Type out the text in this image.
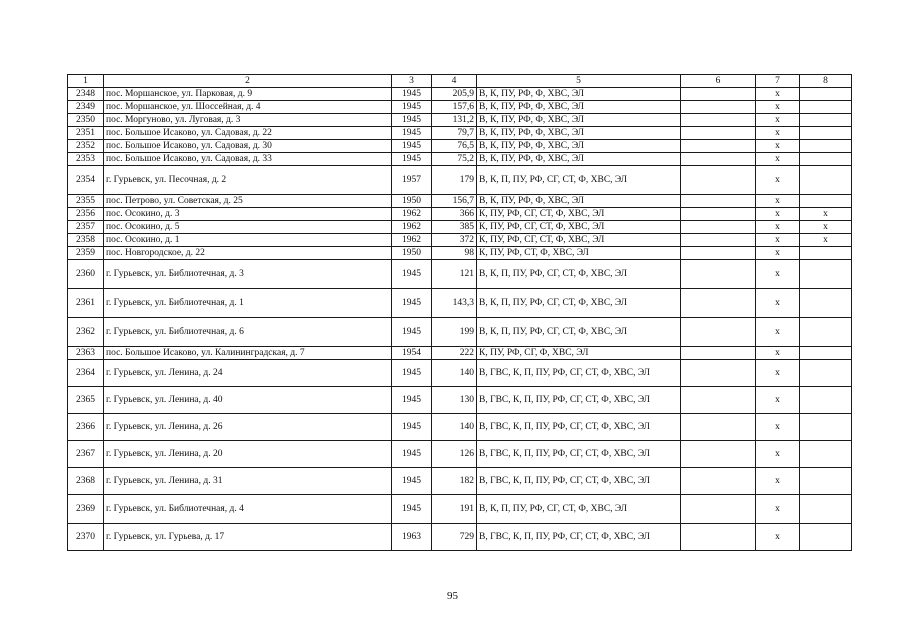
1	2	3	4	5	6	7	8
2348	пос. Моршанское, ул. Парковая, д. 9	1945	205,9	В, К, ПУ, РФ, Ф, ХВС, ЭЛ		х	
2349	пос. Моршанское, ул. Шоссейная, д. 4	1945	157,6	В, К, ПУ, РФ, Ф, ХВС, ЭЛ		х	
2350	пос. Моргуново, ул. Луговая, д. 3	1945	131,2	В, К, ПУ, РФ, Ф, ХВС, ЭЛ		х	
2351	пос. Большое Исаково, ул. Садовая, д. 22	1945	79,7	В, К, ПУ, РФ, Ф, ХВС, ЭЛ		х	
2352	пос. Большое Исаково, ул. Садовая, д. 30	1945	76,5	В, К, ПУ, РФ, Ф, ХВС, ЭЛ		х	
2353	пос. Большое Исаково, ул. Садовая, д. 33	1945	75,2	В, К, ПУ, РФ, Ф, ХВС, ЭЛ		х	
2354	г. Гурьевск, ул. Песочная, д. 2	1957	179	В, К, П, ПУ, РФ, СГ, СТ, Ф, ХВС, ЭЛ		х	
2355	пос. Петрово, ул. Советская, д. 25	1950	156,7	В, К, ПУ, РФ, Ф, ХВС, ЭЛ		х	
2356	пос. Осокино, д. 3	1962	366	К, ПУ, РФ, СГ, СТ, Ф, ХВС, ЭЛ		х	х
2357	пос. Осокино, д. 5	1962	385	К, ПУ, РФ, СГ, СТ, Ф, ХВС, ЭЛ		х	х
2358	пос. Осокино, д. 1	1962	372	К, ПУ, РФ, СГ, СТ, Ф, ХВС, ЭЛ		х	х
2359	пос. Новгородское, д. 22	1950	98	К, ПУ, РФ, СТ, Ф, ХВС, ЭЛ		х	
2360	г. Гурьевск, ул. Библиотечная, д. 3	1945	121	В, К, П, ПУ, РФ, СГ, СТ, Ф, ХВС, ЭЛ		х	
2361	г. Гурьевск, ул. Библиотечная, д. 1	1945	143,3	В, К, П, ПУ, РФ, СГ, СТ, Ф, ХВС, ЭЛ		х	
2362	г. Гурьевск, ул. Библиотечная, д. 6	1945	199	В, К, П, ПУ, РФ, СГ, СТ, Ф, ХВС, ЭЛ		х	
2363	пос. Большое Исаково, ул. Калининградская, д. 7	1954	222	К, ПУ, РФ, СГ, Ф, ХВС, ЭЛ		х	
2364	г. Гурьевск, ул. Ленина, д. 24	1945	140	В, ГВС, К, П, ПУ, РФ, СГ, СТ, Ф, ХВС, ЭЛ		х	
2365	г. Гурьевск, ул. Ленина, д. 40	1945	130	В, ГВС, К, П, ПУ, РФ, СГ, СТ, Ф, ХВС, ЭЛ		х	
2366	г. Гурьевск, ул. Ленина, д. 26	1945	140	В, ГВС, К, П, ПУ, РФ, СГ, СТ, Ф, ХВС, ЭЛ		х	
2367	г. Гурьевск, ул. Ленина, д. 20	1945	126	В, ГВС, К, П, ПУ, РФ, СГ, СТ, Ф, ХВС, ЭЛ		х	
2368	г. Гурьевск, ул. Ленина, д. 31	1945	182	В, ГВС, К, П, ПУ, РФ, СГ, СТ, Ф, ХВС, ЭЛ		х	
2369	г. Гурьевск, ул. Библиотечная, д. 4	1945	191	В, К, П, ПУ, РФ, СГ, СТ, Ф, ХВС, ЭЛ		х	
2370	г. Гурьевск, ул. Гурьева, д. 17	1963	729	В, ГВС, К, П, ПУ, РФ, СГ, СТ, Ф, ХВС, ЭЛ		х	
95
